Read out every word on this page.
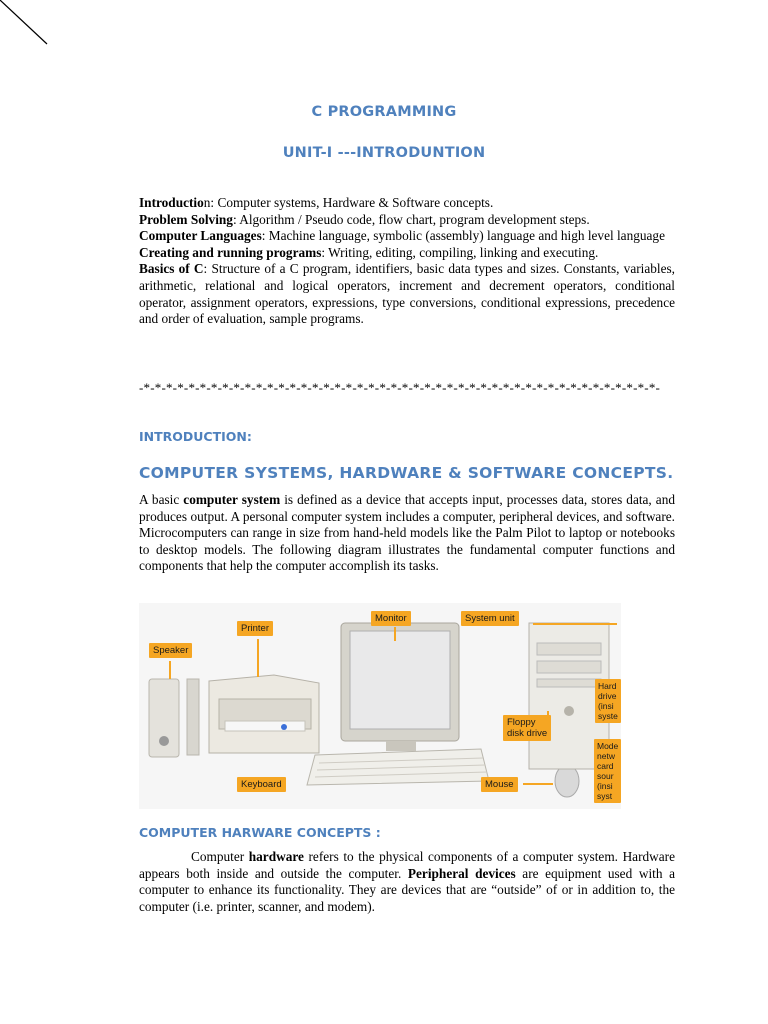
C PROGRAMMING
UNIT-I ---INTRODUNTION

Introduction: Computer systems, Hardware & Software concepts.

Problem Solving: Algorithm / Pseudo code, flow chart, program development steps.

Computer Languages: Machine language, symbolic (assembly) language and high level language

Creating and running programs: Writing, editing, compiling, linking and executing.

Basics of C: Structure of a C program, identifiers, basic data types and sizes. Constants, variables, arithmetic, relational and logical operators, increment and decrement operators, conditional operator, assignment operators, expressions, type conversions, conditional expressions, precedence and order of evaluation, sample programs.

-*-*-*-*-*-*-*-*-*-*-*-*-*-*-*-*-*-*-*-*-*-*-*-*-*-*-*-*-*-*-*-*-*-*-*-*-*-*-*-*-*-*-*-*-*-*-
INTRODUCTION:
COMPUTER SYSTEMS, HARDWARE & SOFTWARE CONCEPTS.
A basic computer system is defined as a device that accepts input, processes data, stores data, and produces output. A personal computer system includes a computer, peripheral devices, and software. Microcomputers can range in size from hand-held models like the Palm Pilot to laptop or notebooks to desktop models. The following diagram illustrates the fundamental computer functions and components that help the computer accomplish its tasks.
Printer
Speaker
Monitor	System unit
Hard
drive
(insi
syste
Floppy
disk drive
Mode
netw
card
sour
(insi
syst
Keyboard	Mouse
COMPUTER HARWARE CONCEPTS :
Computer hardware refers to the physical components of a computer system. Hardware appears both inside and outside the computer. Peripheral devices are equipment used with a computer to enhance its functionality. They are devices that are “outside” of or in addition to, the computer (i.e. printer, scanner, and modem).
